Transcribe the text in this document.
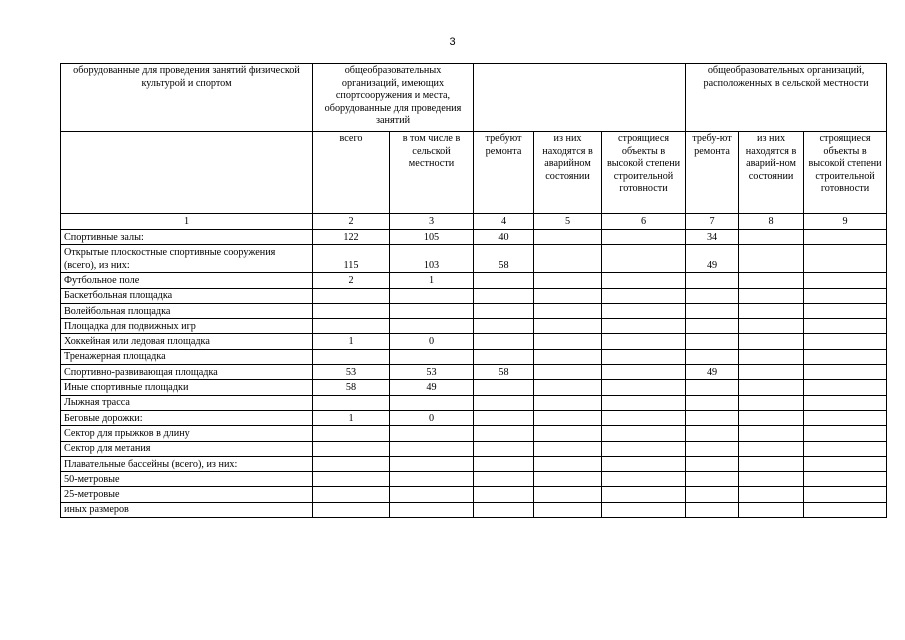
3
оборудованные для проведения занятий физической культурой и спортом	общеобразовательных организаций, имеющих спортсооружения и места, оборудованные для проведения занятий					общеобразовательных организаций, расположенных в сельской местности		
	всего	в том числе в сельской местности	требуют ремонта	из них находятся в аварийном состоянии	строящиеся объекты в высокой степени строительной готовности	требу-ют ремонта	из них находятся в аварий-ном состоянии	строящиеся объекты в высокой степени строительной готовности
1	2	3	4	5	6	7	8	9
Спортивные залы:	122	105	40			34		
Открытые плоскостные спортивные сооружения (всего), из них:	115	103	58			49		
Футбольное поле	2	1						
Баскетбольная площадка								
Волейбольная площадка								
Площадка для подвижных игр								
Хоккейная или ледовая площадка	1	0						
Тренажерная площадка								
Спортивно-развивающая площадка	53	53	58			49		
Иные спортивные площадки	58	49						
Лыжная трасса								
Беговые дорожки:	1	0						
Сектор для прыжков в длину								
Сектор для метания								
Плавательные бассейны (всего), из них:								
50-метровые								
25-метровые								
иных размеров								
